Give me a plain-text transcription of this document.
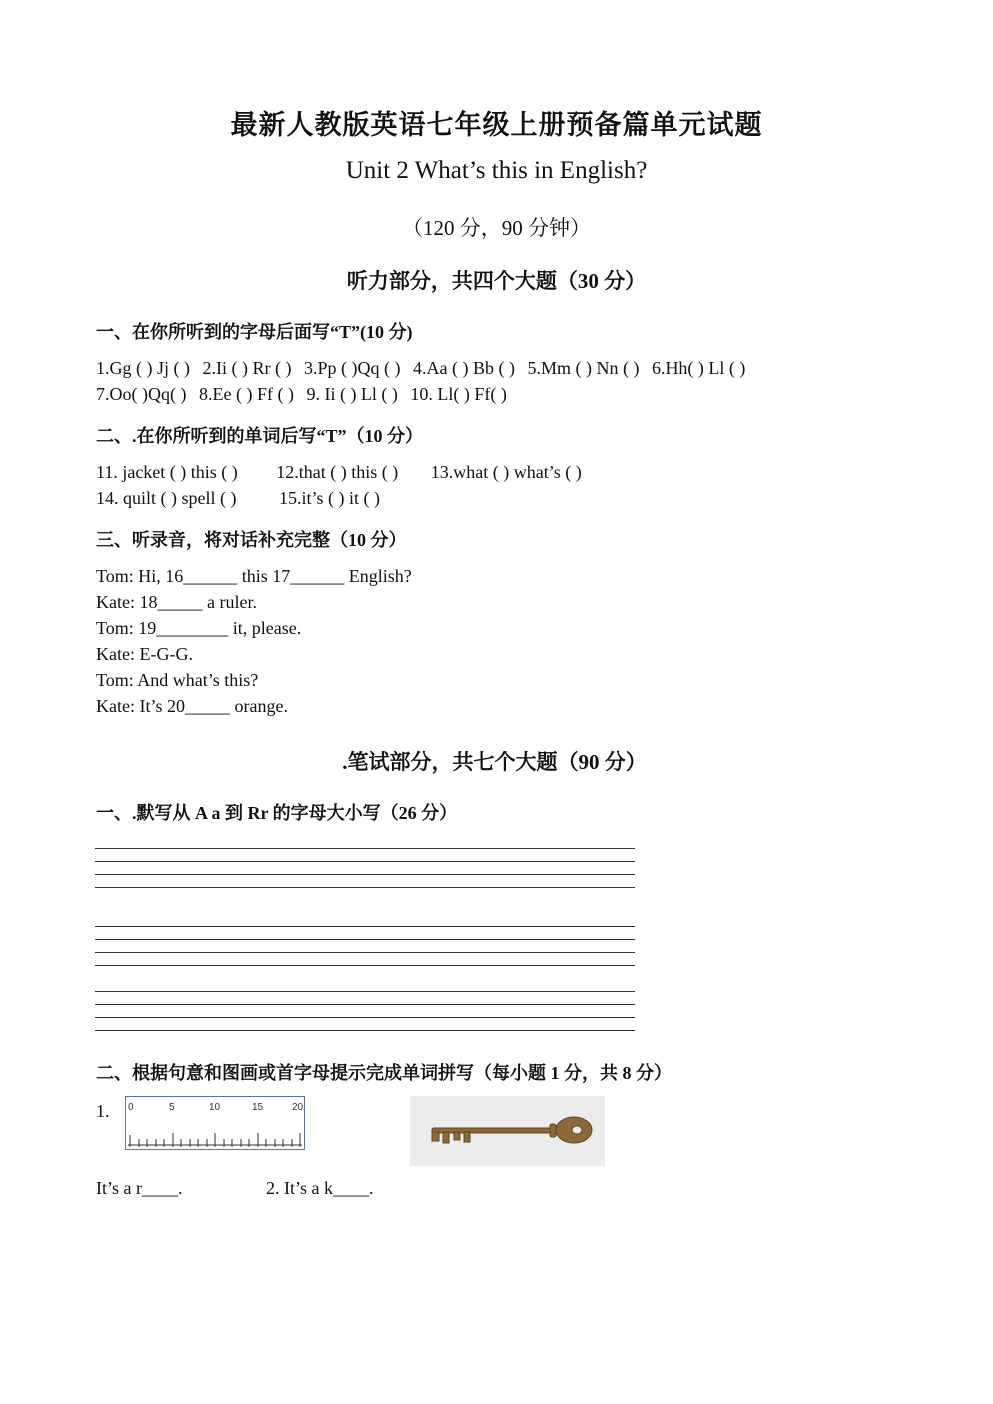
最新人教版英语七年级上册预备篇单元试题
Unit 2 What’s this in English?
（120 分，90 分钟）
听力部分，共四个大题（30 分）
一、在你所听到的字母后面写“T”(10 分)
1.Gg ( ) Jj ( ) 2.Ii ( ) Rr ( ) 3.Pp ( )Qq ( ) 4.Aa ( ) Bb ( ) 5.Mm ( ) Nn ( ) 6.Hh( ) Ll ( )
7.Oo( )Qq( ) 8.Ee ( ) Ff ( ) 9. Ii ( ) Ll ( ) 10. Ll( ) Ff( )
二、.在你所听到的单词后写“T”（10 分）
11. jacket ( ) this ( ) 12.that ( ) this ( ) 13.what ( ) what’s ( )
14. quilt ( ) spell ( ) 15.it’s ( ) it ( )
三、听录音，将对话补充完整（10 分）
Tom: Hi, 16______ this 17______ English?
Kate: 18_____ a ruler.
Tom: 19________ it, please.
Kate: E-G-G.
Tom: And what’s this?
Kate: It’s 20_____ orange.
.笔试部分，共七个大题（90 分）
一、.默写从 A a 到 Rr 的字母大小写（26 分）
二、根据句意和图画或首字母提示完成单词拼写（每小题 1 分，共 8 分）
1. 0	5	10	15	20
It’s a r____.	2. It’s a k____.
